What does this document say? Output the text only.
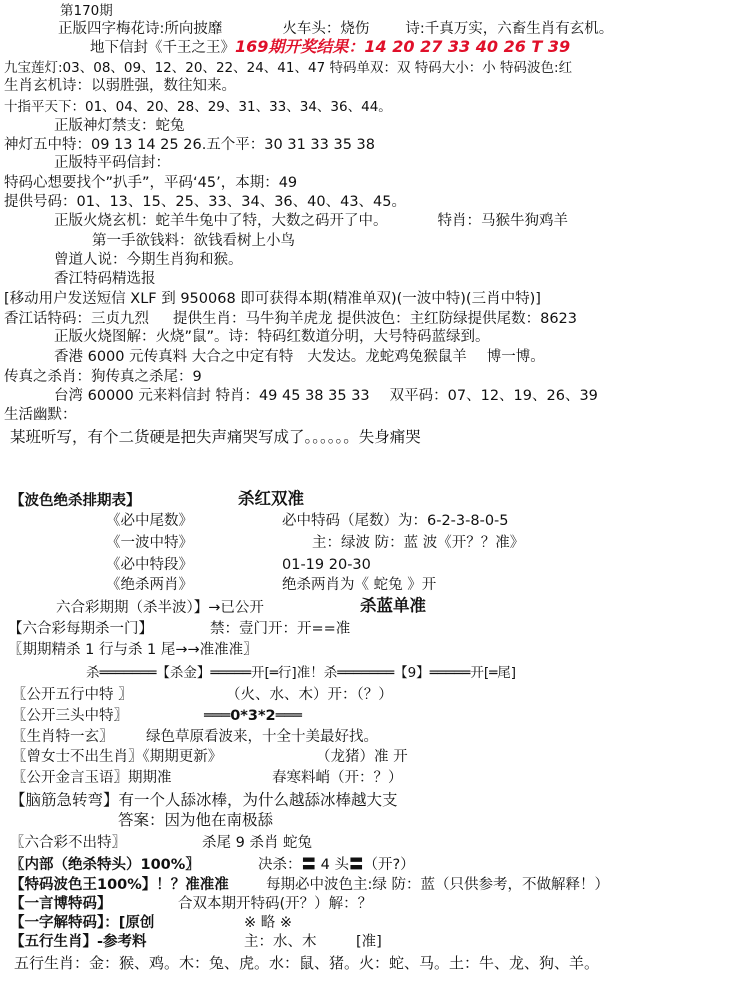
第170期
正版四字梅花诗:所向披靡	火车头：烧伤 诗:千真万实，六畜生肖有玄机。
地下信封《千王之王》169期开奖结果：14 20 27 33 40 26 T 39
九宝莲灯:03、08、09、12、20、22、24、41、47 特码单双：双 特码大小：小 特码波色:红
生肖玄机诗：以弱胜强，数往知来。
十指平天下：01、04、20、28、29、31、33、34、36、44。
正版神灯禁支：蛇兔
神灯五中特：09 13 14 25 26.五个平：30 31 33 35 38
正版特平码信封：
特码心想要找个”扒手”，平码‘45’，本期：49
提供号码：01、13、15、25、33、34、36、40、43、45。
正版火烧玄机：蛇羊牛兔中了特，大数之码开了中。	特肖：马猴牛狗鸡羊
第一手欲钱料：欲钱看树上小鸟
曾道人说：今期生肖狗和猴。
香江特码精选报
[移动用户发送短信 XLF 到 950068 即可获得本期(精准单双)(一波中特)(三肖中特)]
香江话特码：三贞九烈 提供生肖：马牛狗羊虎龙 提供波色：主红防绿提供尾数：8623
正版火烧图解：火烧”鼠”。诗：特码红数道分明，大号特码蓝绿到。
香港 6000 元传真料 大合之中定有特 大发达。龙蛇鸡兔猴鼠羊 博一博。
传真之杀肖：狗传真之杀尾：9
台湾 60000 元来料信封 特肖：49 45 38 35 33 双平码：07、12、19、26、39
生活幽默：
某班听写，有个二货硬是把失声痛哭写成了。。。。。。失身痛哭
【波色绝杀排期表】	杀红双准
《必中尾数》	必中特码（尾数）为：6-2-3-8-0-5
《一波中特》	主：绿波 防：蓝 波《开？？准》
《必中特段》	01-19 20-30
《绝杀两肖》	绝杀两肖为《 蛇兔 》开
六合彩期期（杀半波）】→已公开	杀蓝单准
【六合彩每期杀一门】	禁：壹门开：开==准
〖期期精杀 1 行与杀 1 尾→→准准准〗
杀═══════【杀金】═════开[═行]准！杀═══════【9】═════开[═尾]
〖公开五行中特 〗	（火、水、木）开：（？）
〖公开三头中特〗	═══0*3*2═══
〖生肖特一玄〗 绿色草原看波来，十全十美最好找。
〖曾女士不出生肖〗《期期更新》	（龙猪）准 开
〖公开金言玉语〗期期准	春寒料峭（开：？）
【脑筋急转弯】有一个人舔冰棒，为什么越舔冰棒越大支
答案：因为他在南极舔
〖六合彩不出特〗	杀尾 9 杀肖 蛇兔
〖内部（绝杀特头）100%〗	决杀：〓 4 头〓（开?）
【特码波色王100%】！？准准准	每期必中波色主:绿 防：蓝（只供参考，不做解释！）
【一言博特码】	合双本期开特码(开？）解：？
【一字解特码】：[原创	※ 略 ※
【五行生肖】-参考料	主：水、木	[准]
五行生肖：金：猴、鸡。木：兔、虎。水：鼠、猪。火：蛇、马。土：牛、龙、狗、羊。
